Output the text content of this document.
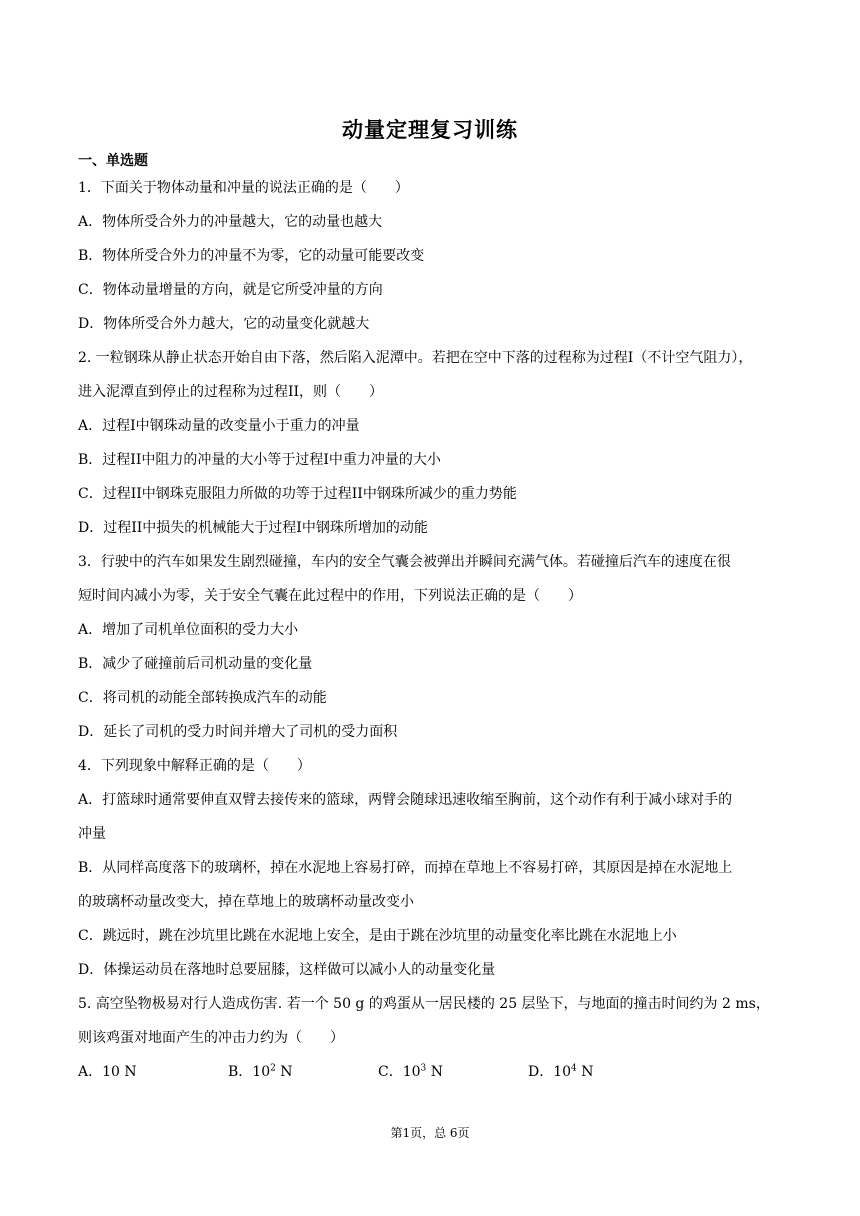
动量定理复习训练
一、单选题
1．下面关于物体动量和冲量的说法正确的是（　　）
A．物体所受合外力的冲量越大，它的动量也越大
B．物体所受合外力的冲量不为零，它的动量可能要改变
C．物体动量增量的方向，就是它所受冲量的方向
D．物体所受合外力越大，它的动量变化就越大
2. 一粒钢珠从静止状态开始自由下落，然后陷入泥潭中。若把在空中下落的过程称为过程I（不计空气阻力），
进入泥潭直到停止的过程称为过程II，则（　　）
A．过程I中钢珠动量的改变量小于重力的冲量
B．过程II中阻力的冲量的大小等于过程I中重力冲量的大小
C．过程II中钢珠克服阻力所做的功等于过程II中钢珠所减少的重力势能
D．过程II中损失的机械能大于过程I中钢珠所增加的动能
3．行驶中的汽车如果发生剧烈碰撞，车内的安全气囊会被弹出并瞬间充满气体。若碰撞后汽车的速度在很
短时间内减小为零，关于安全气囊在此过程中的作用，下列说法正确的是（　　）
A．增加了司机单位面积的受力大小
B．减少了碰撞前后司机动量的变化量
C．将司机的动能全部转换成汽车的动能
D．延长了司机的受力时间并增大了司机的受力面积
4．下列现象中解释正确的是（　　）
A．打篮球时通常要伸直双臂去接传来的篮球，两臂会随球迅速收缩至胸前，这个动作有利于减小球对手的
冲量
B．从同样高度落下的玻璃杯，掉在水泥地上容易打碎，而掉在草地上不容易打碎，其原因是掉在水泥地上
的玻璃杯动量改变大，掉在草地上的玻璃杯动量改变小
C．跳远时，跳在沙坑里比跳在水泥地上安全，是由于跳在沙坑里的动量变化率比跳在水泥地上小
D．体操运动员在落地时总要屈膝，这样做可以减小人的动量变化量
5. 高空坠物极易对行人造成伤害. 若一个 50 g 的鸡蛋从一居民楼的 25 层坠下，与地面的撞击时间约为 2 ms，
则该鸡蛋对地面产生的冲击力约为（　　）
A．10 N	B．$10^2$ N	C．$10^3$ N	D．$10^4$ N
第1页，总 6页
